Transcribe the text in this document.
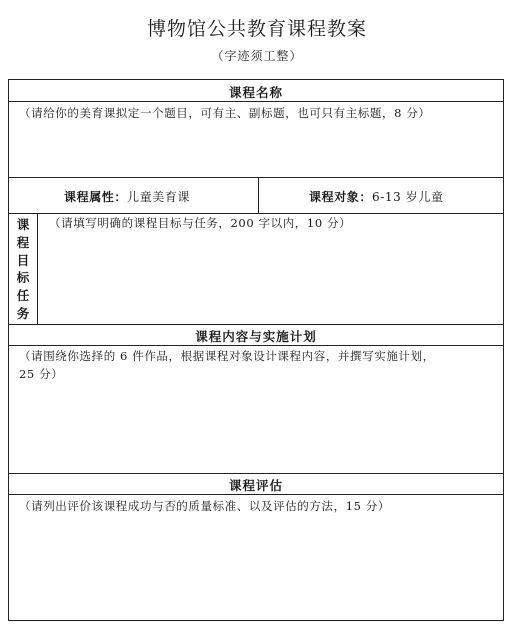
博物馆公共教育课程教案
（字迹须工整）
课程名称
（请给你的美育课拟定一个题目，可有主、副标题，也可只有主标题，8 分）
课程属性：儿童美育课	课程对象：6-13 岁儿童
课
程
目
标
任
务
（请填写明确的课程目标与任务，200 字以内，10 分）
课程内容与实施计划
（请围绕你选择的 6 件作品，根据课程对象设计课程内容，并撰写实施计划，
25 分）
课程评估
（请列出评价该课程成功与否的质量标准、以及评估的方法，15 分）
